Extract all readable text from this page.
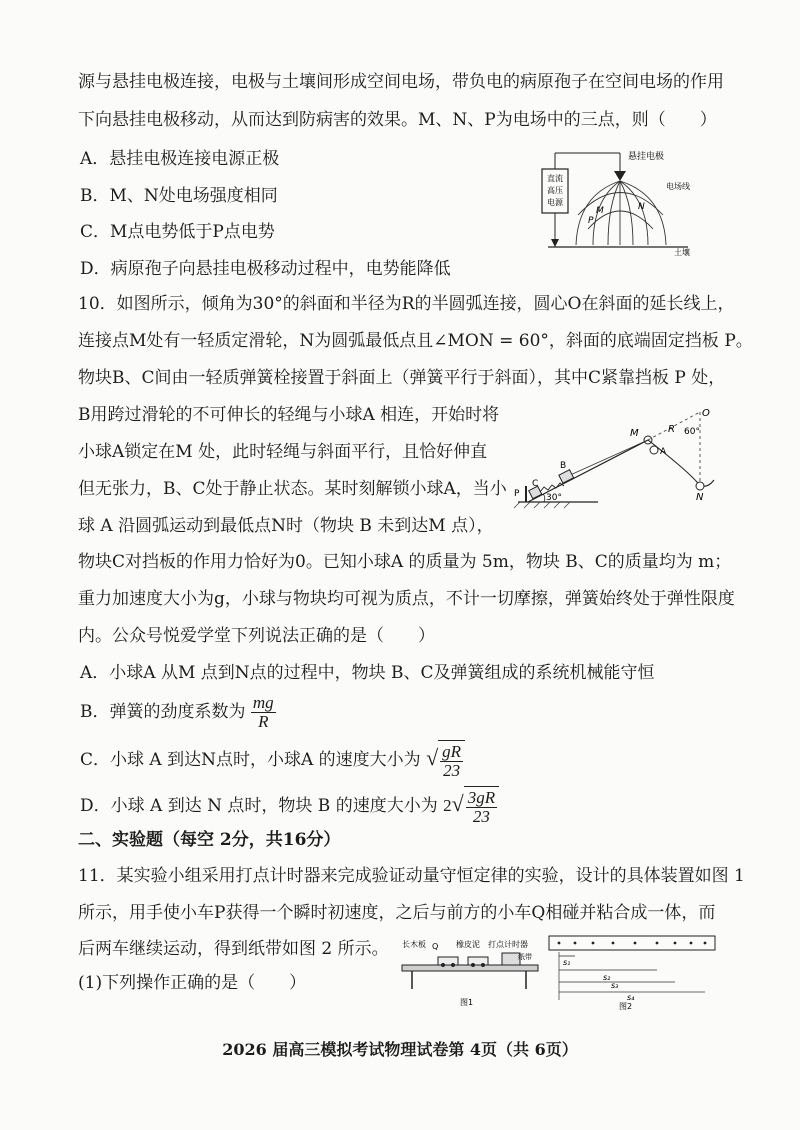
源与悬挂电极连接，电极与土壤间形成空间电场，带负电的病原孢子在空间电场的作用
下向悬挂电极移动，从而达到防病害的效果。M、N、P为电场中的三点，则（　　）
A．悬挂电极连接电源正极
B．M、N处电场强度相同
C．M点电势低于P点电势
D．病原孢子向悬挂电极移动过程中，电势能降低
直流
高压
电源
悬挂电极
土壤
电场线
M	N
P
10．如图所示，倾角为30°的斜面和半径为R的半圆弧连接，圆心O在斜面的延长线上，
连接点M处有一轻质定滑轮，N为圆弧最低点且∠MON = 60°，斜面的底端固定挡板 P。
物块B、C间由一轻质弹簧栓接置于斜面上（弹簧平行于斜面），其中C紧靠挡板 P 处，
B用跨过滑轮的不可伸长的轻绳与小球A 相连，开始时将
小球A锁定在M 处，此时轻绳与斜面平行，且恰好伸直
但无张力，B、C处于静止状态。某时刻解锁小球A，当小
球 A 沿圆弧运动到最低点N时（物块 B 未到达M 点），
物块C对挡板的作用力恰好为0。已知小球A 的质量为 5m，物块 B、C的质量均为 m；
重力加速度大小为g，小球与物块均可视为质点，不计一切摩擦，弹簧始终处于弹性限度
内。公众号悦爱学堂下列说法正确的是（　　）
O
R 60°
M
A
N
B
C
P	30°
A．小球A 从M 点到N点的过程中，物块 B、C及弹簧组成的系统机械能守恒
B．弹簧的劲度系数为 $\frac{mg}{R}$
C．小球 A 到达N点时，小球A 的速度大小为 √ $\frac{gR}{23}$
D．小球 A 到达 N 点时，物块 B 的速度大小为 $2√ \frac{3gR}{23}$
二、实验题（每空 2分，共16分）
11．某实验小组采用打点计时器来完成验证动量守恒定律的实验，设计的具体装置如图 1
所示，用手使小车P获得一个瞬时初速度，之后与前方的小车Q相碰并粘合成一体，而
后两车继续运动，得到纸带如图 2 所示。
(1)下列操作正确的是（　　）
长木板 Q 橡皮泥 打点计时器
纸带
图1
s₁
s₂
s₃
s₄
图2
2026 届高三模拟考试物理试卷第 4页（共 6页）
